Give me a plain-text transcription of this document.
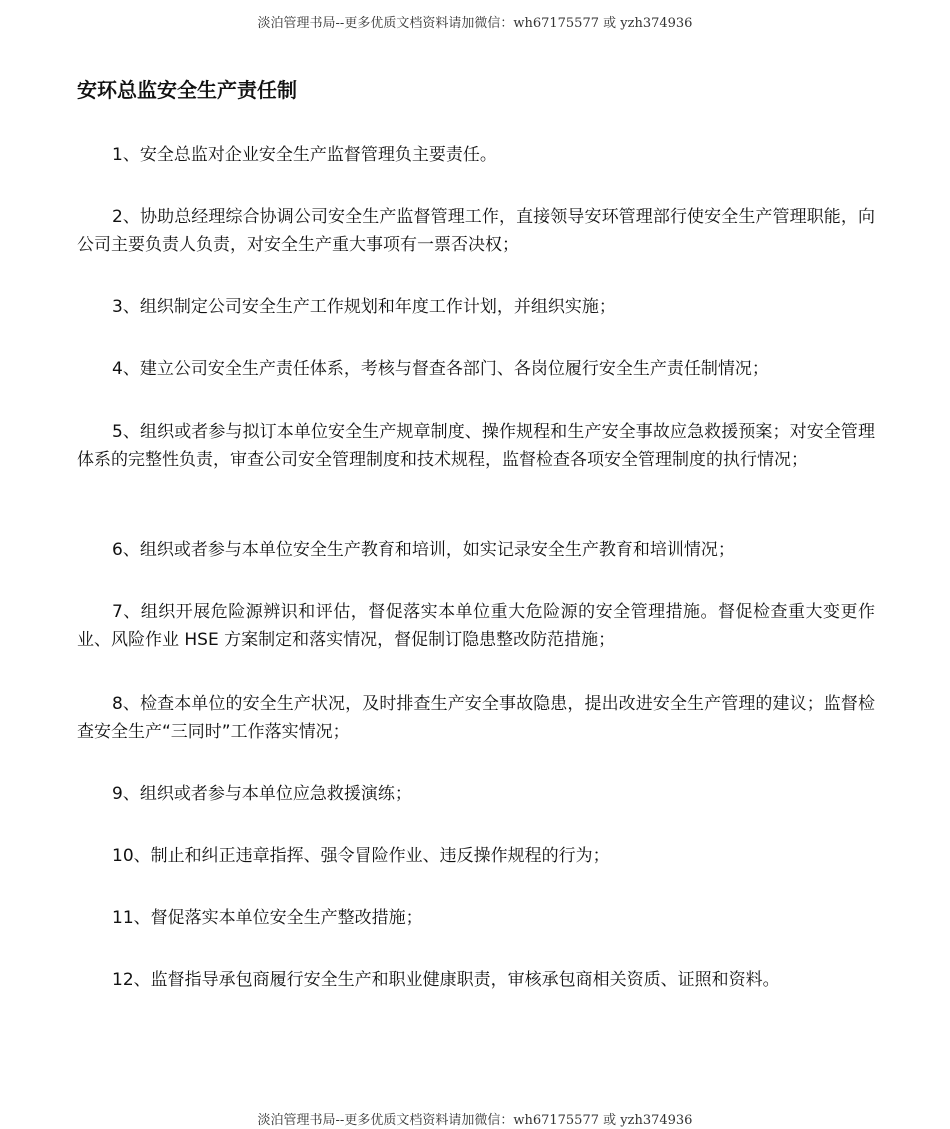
淡泊管理书局--更多优质文档资料请加微信：wh67175577 或 yzh374936
安环总监安全生产责任制

1、安全总监对企业安全生产监督管理负主要责任。

2、协助总经理综合协调公司安全生产监督管理工作，直接领导安环管理部行使安全生产管理职能，向公司主要负责人负责，对安全生产重大事项有一票否决权；

3、组织制定公司安全生产工作规划和年度工作计划，并组织实施；

4、建立公司安全生产责任体系，考核与督查各部门、各岗位履行安全生产责任制情况；

5、组织或者参与拟订本单位安全生产规章制度、操作规程和生产安全事故应急救援预案；对安全管理体系的完整性负责，审查公司安全管理制度和技术规程，监督检查各项安全管理制度的执行情况；

6、组织或者参与本单位安全生产教育和培训，如实记录安全生产教育和培训情况；

7、组织开展危险源辨识和评估，督促落实本单位重大危险源的安全管理措施。督促检查重大变更作业、风险作业 HSE 方案制定和落实情况，督促制订隐患整改防范措施；

8、检查本单位的安全生产状况，及时排查生产安全事故隐患，提出改进安全生产管理的建议；监督检查安全生产“三同时”工作落实情况；

9、组织或者参与本单位应急救援演练；

10、制止和纠正违章指挥、强令冒险作业、违反操作规程的行为；

11、督促落实本单位安全生产整改措施；

12、监督指导承包商履行安全生产和职业健康职责，审核承包商相关资质、证照和资料。

淡泊管理书局--更多优质文档资料请加微信：wh67175577 或 yzh374936
